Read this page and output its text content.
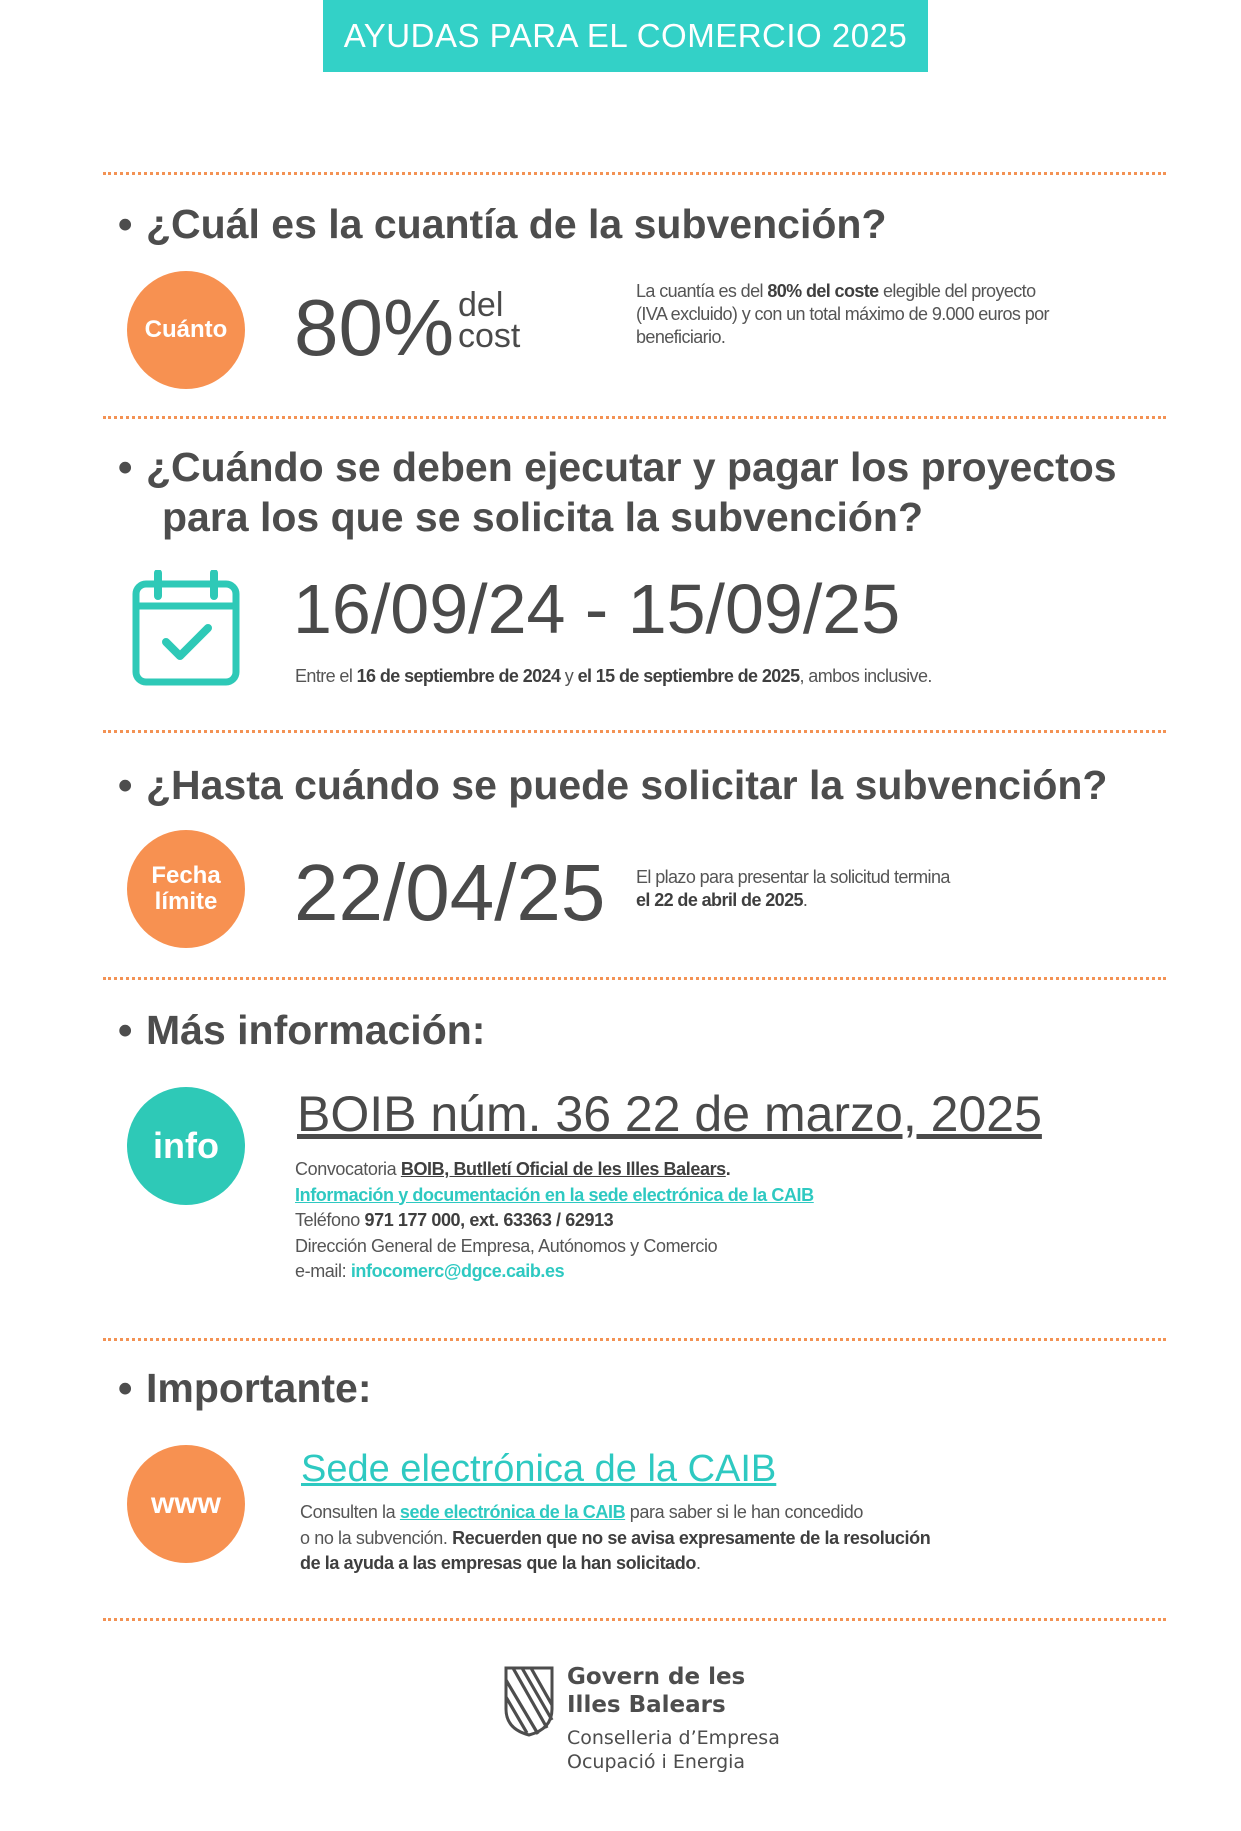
AYUDAS PARA EL COMERCIO 2025
• ¿Cuál es la cuantía de la subvención?
Cuánto 80% del
cost
La cuantía es del 80% del coste elegible del proyecto (IVA excluido) y con un total máximo de 9.000 euros por beneficiario.
• ¿Cuándo se deben ejecutar y pagar los proyectos
para los que se solicita la subvención?
16/09/24 - 15/09/25
Entre el 16 de septiembre de 2024 y el 15 de septiembre de 2025, ambos inclusive.
• ¿Hasta cuándo se puede solicitar la subvención?
Fecha
límite 22/04/25 El plazo para presentar la solicitud termina
el 22 de abril de 2025.
• Más información:
info
BOIB núm. 36 22 de marzo, 2025
Convocatoria BOIB, Butlletí Oficial de les Illes Balears.
Información y documentación en la sede electrónica de la CAIB
Teléfono 971 177 000, ext. 63363 / 62913
Dirección General de Empresa, Autónomos y Comercio
e-mail: infocomerc@dgce.caib.es
• Importante:
www
Sede electrónica de la CAIB
Consulten la sede electrónica de la CAIB para saber si le han concedido
o no la subvención. Recuerden que no se avisa expresamente de la resolución
de la ayuda a las empresas que la han solicitado.
Govern de les
Illes Balears
Conselleria d’Empresa
Ocupació i Energia
